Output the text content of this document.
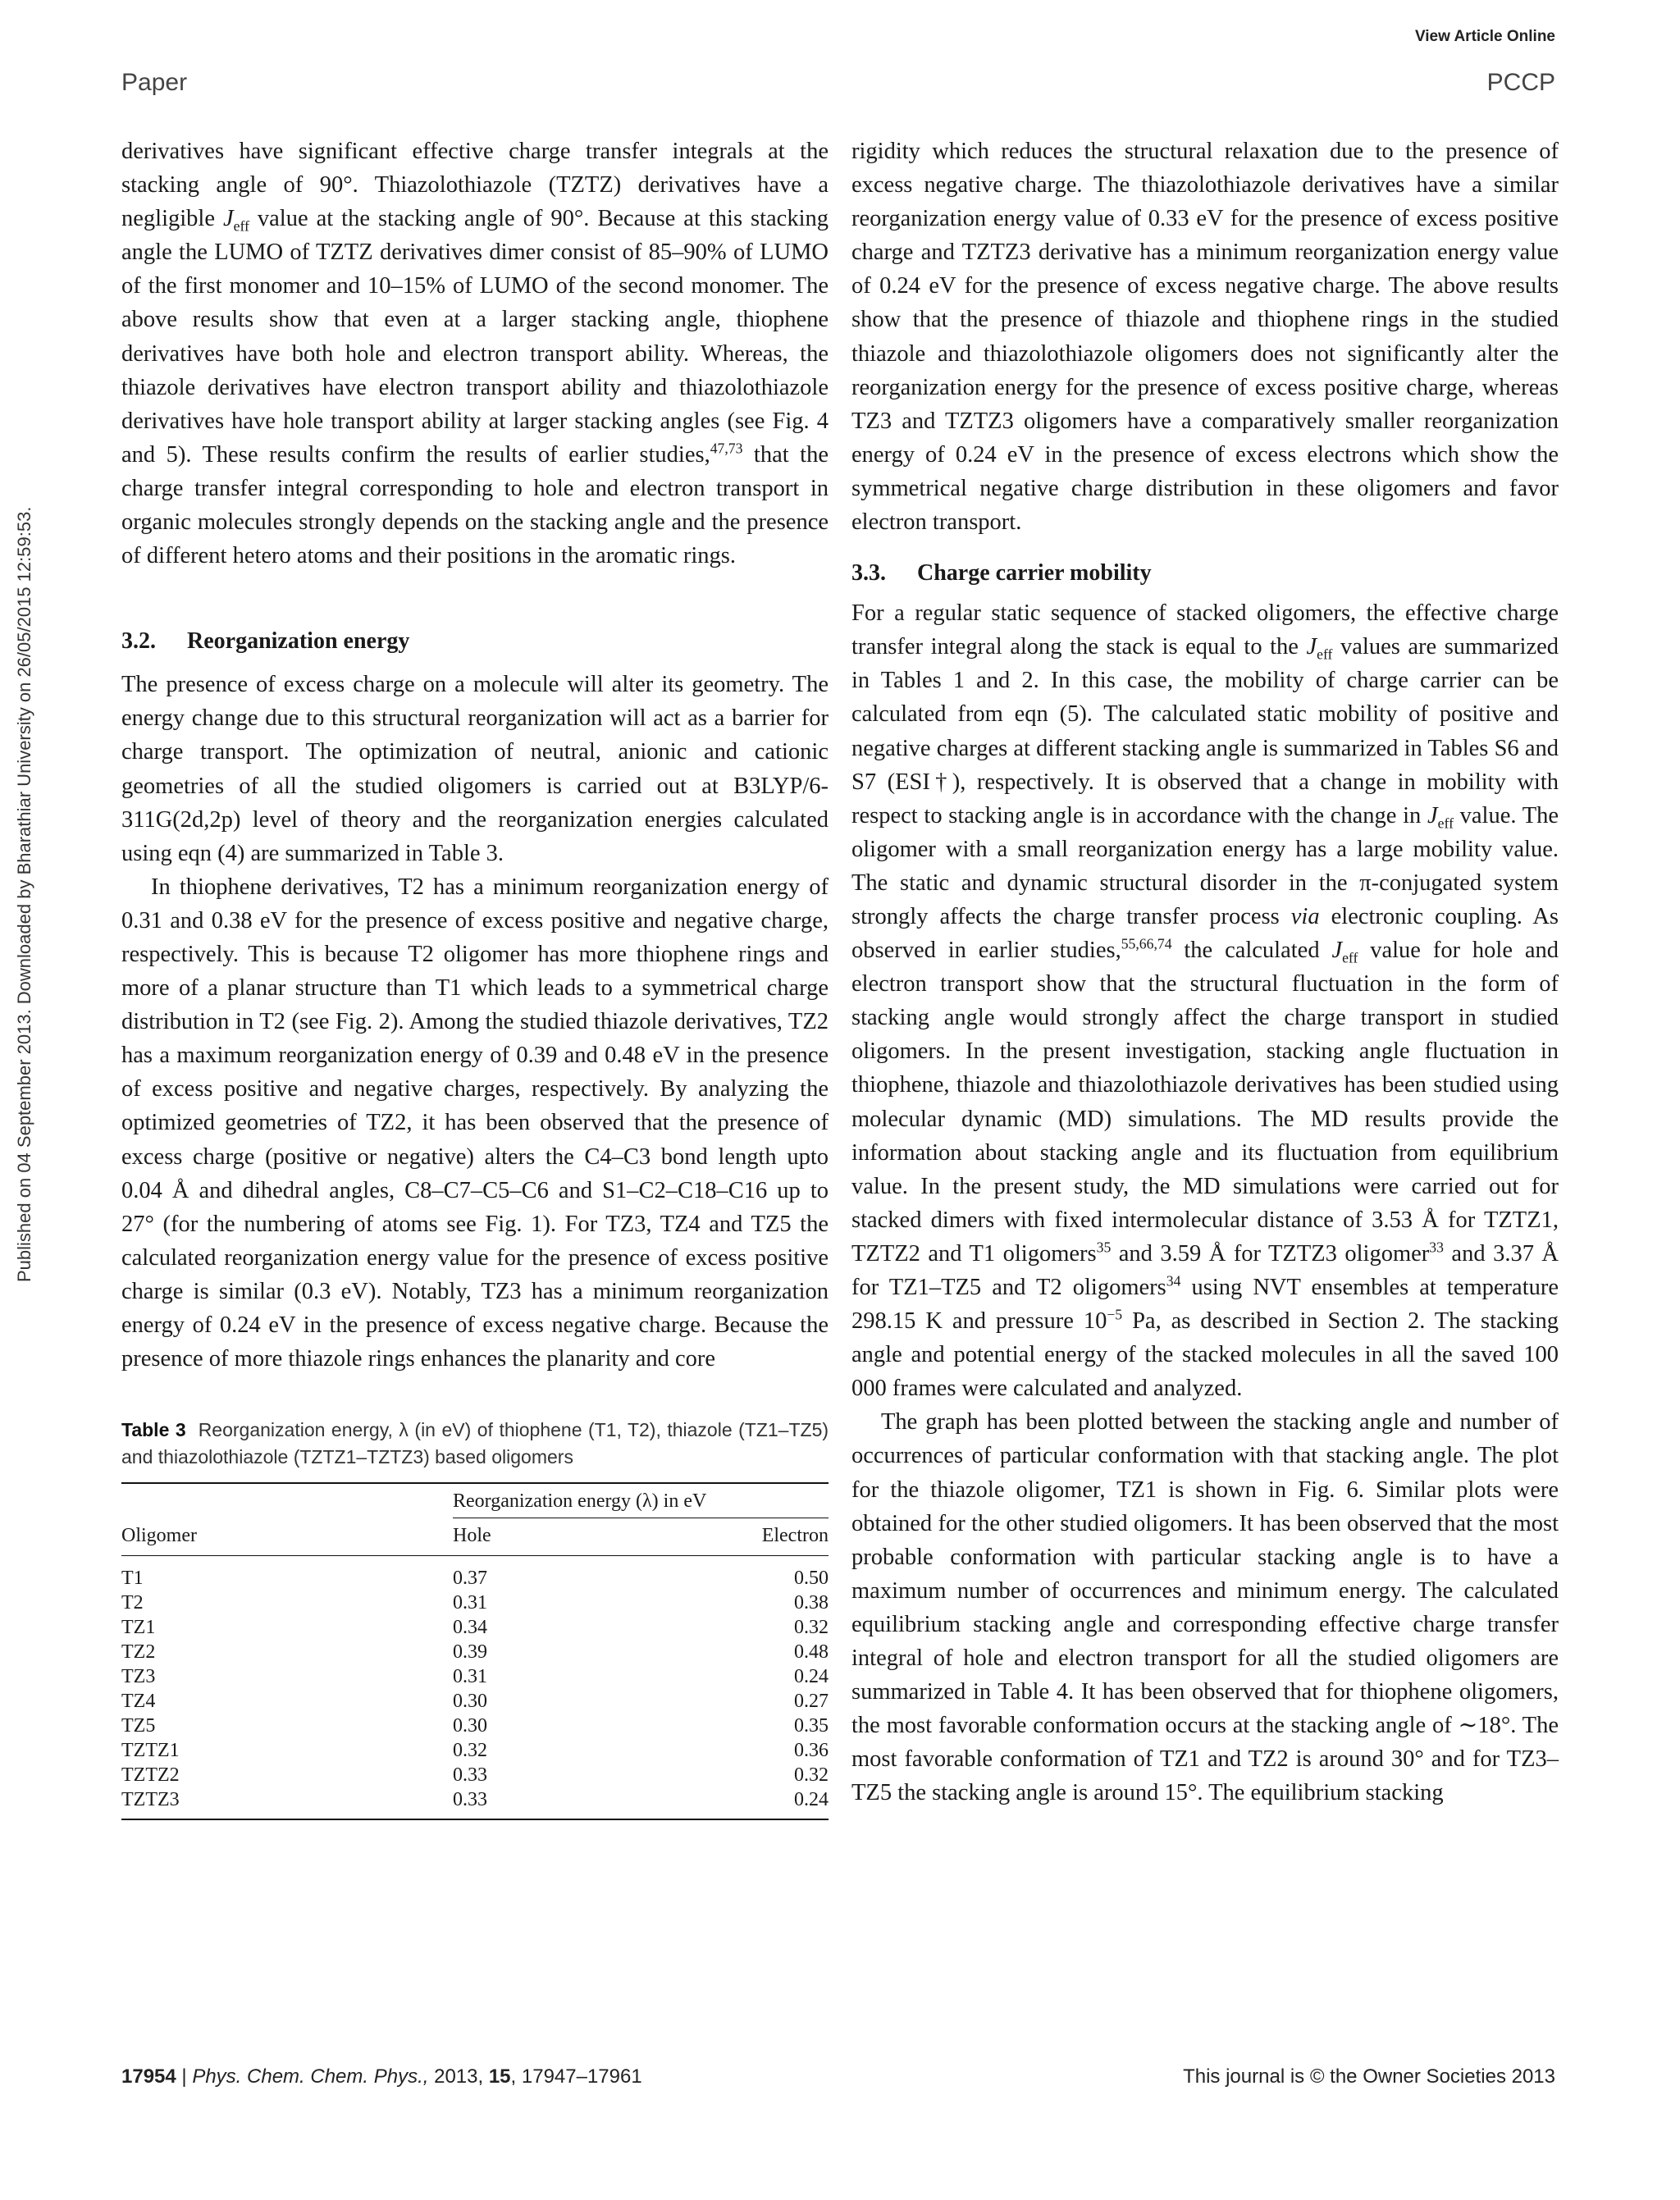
View Article Online
Paper	PCCP
Published on 04 September 2013. Downloaded by Bharathiar University on 26/05/2015 12:59:53.

derivatives have significant effective charge transfer integrals at the stacking angle of 90°. Thiazolothiazole (TZTZ) derivatives have a negligible $J_{eff}$ value at the stacking angle of 90°. Because at this stacking angle the LUMO of TZTZ derivatives dimer consist of 85–90% of LUMO of the first monomer and 10–15% of LUMO of the second monomer. The above results show that even at a larger stacking angle, thiophene derivatives have both hole and electron transport ability. Whereas, the thiazole derivatives have electron transport ability and thiazolothiazole derivatives have hole transport ability at larger stacking angles (see Fig. 4 and 5). These results confirm the results of earlier studies,$^{47,73}$ that the charge transfer integral corresponding to hole and electron transport in organic molecules strongly depends on the stacking angle and the presence of different hetero atoms and their positions in the aromatic rings.

3.2. Reorganization energy

The presence of excess charge on a molecule will alter its geometry. The energy change due to this structural reorganization will act as a barrier for charge transport. The optimization of neutral, anionic and cationic geometries of all the studied oligomers is carried out at B3LYP/6-311G(2d,2p) level of theory and the reorganization energies calculated using eqn (4) are summarized in Table 3.

In thiophene derivatives, T2 has a minimum reorganization energy of 0.31 and 0.38 eV for the presence of excess positive and negative charge, respectively. This is because T2 oligomer has more thiophene rings and more of a planar structure than T1 which leads to a symmetrical charge distribution in T2 (see Fig. 2). Among the studied thiazole derivatives, TZ2 has a maximum reorganization energy of 0.39 and 0.48 eV in the presence of excess positive and negative charges, respectively. By analyzing the optimized geometries of TZ2, it has been observed that the presence of excess charge (positive or negative) alters the C4–C3 bond length upto 0.04 Å and dihedral angles, C8–C7–C5–C6 and S1–C2–C18–C16 up to 27° (for the numbering of atoms see Fig. 1). For TZ3, TZ4 and TZ5 the calculated reorganization energy value for the presence of excess positive charge is similar (0.3 eV). Notably, TZ3 has a minimum reorganization energy of 0.24 eV in the presence of excess negative charge. Because the presence of more thiazole rings enhances the planarity and core

Table 3 Reorganization energy, λ (in eV) of thiophene (T1, T2), thiazole (TZ1–TZ5) and thiazolothiazole (TZTZ1–TZTZ3) based oligomers

	Reorganization energy (λ) in eV	
Oligomer	Hole	Electron
T1	0.37	0.50
T2	0.31	0.38
TZ1	0.34	0.32
TZ2	0.39	0.48
TZ3	0.31	0.24
TZ4	0.30	0.27
TZ5	0.30	0.35
TZTZ1	0.32	0.36
TZTZ2	0.33	0.32
TZTZ3	0.33	0.24

rigidity which reduces the structural relaxation due to the presence of excess negative charge. The thiazolothiazole derivatives have a similar reorganization energy value of 0.33 eV for the presence of excess positive charge and TZTZ3 derivative has a minimum reorganization energy value of 0.24 eV for the presence of excess negative charge. The above results show that the presence of thiazole and thiophene rings in the studied thiazole and thiazolothiazole oligomers does not significantly alter the reorganization energy for the presence of excess positive charge, whereas TZ3 and TZTZ3 oligomers have a comparatively smaller reorganization energy of 0.24 eV in the presence of excess electrons which show the symmetrical negative charge distribution in these oligomers and favor electron transport.

3.3. Charge carrier mobility

For a regular static sequence of stacked oligomers, the effective charge transfer integral along the stack is equal to the $J_{eff}$ values are summarized in Tables 1 and 2. In this case, the mobility of charge carrier can be calculated from eqn (5). The calculated static mobility of positive and negative charges at different stacking angle is summarized in Tables S6 and S7 (ESI†), respectively. It is observed that a change in mobility with respect to stacking angle is in accordance with the change in $J_{eff}$ value. The oligomer with a small reorganization energy has a large mobility value. The static and dynamic structural disorder in the π-conjugated system strongly affects the charge transfer process via electronic coupling. As observed in earlier studies,$^{55,66,74}$ the calculated $J_{eff}$ value for hole and electron transport show that the structural fluctuation in the form of stacking angle would strongly affect the charge transport in studied oligomers. In the present investigation, stacking angle fluctuation in thiophene, thiazole and thiazolothiazole derivatives has been studied using molecular dynamic (MD) simulations. The MD results provide the information about stacking angle and its fluctuation from equilibrium value. In the present study, the MD simulations were carried out for stacked dimers with fixed intermolecular distance of 3.53 Å for TZTZ1, TZTZ2 and T1 oligomers$^{35}$ and 3.59 Å for TZTZ3 oligomer$^{33}$ and 3.37 Å for TZ1–TZ5 and T2 oligomers$^{34}$ using NVT ensembles at temperature 298.15 K and pressure $10^{-5}$ Pa, as described in Section 2. The stacking angle and potential energy of the stacked molecules in all the saved 100 000 frames were calculated and analyzed.

The graph has been plotted between the stacking angle and number of occurrences of particular conformation with that stacking angle. The plot for the thiazole oligomer, TZ1 is shown in Fig. 6. Similar plots were obtained for the other studied oligomers. It has been observed that the most probable conformation with particular stacking angle is to have a maximum number of occurrences and minimum energy. The calculated equilibrium stacking angle and corresponding effective charge transfer integral of hole and electron transport for all the studied oligomers are summarized in Table 4. It has been observed that for thiophene oligomers, the most favorable conformation occurs at the stacking angle of ∼18°. The most favorable conformation of TZ1 and TZ2 is around 30° and for TZ3–TZ5 the stacking angle is around 15°. The equilibrium stacking

17954 | Phys. Chem. Chem. Phys., 2013, 15, 17947–17961	This journal is © the Owner Societies 2013
